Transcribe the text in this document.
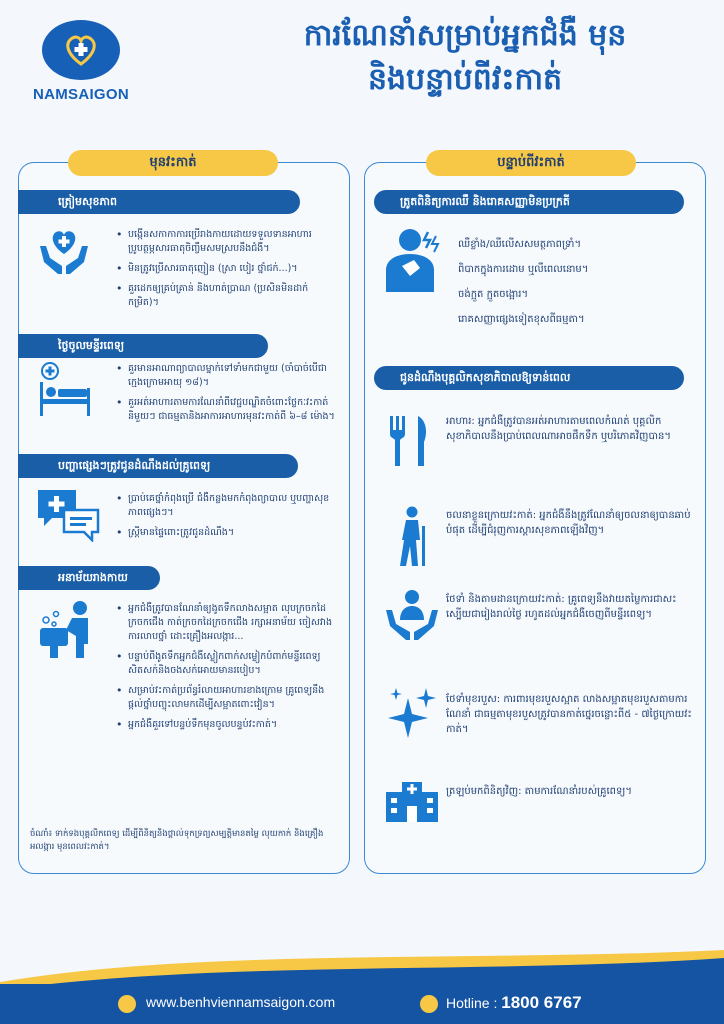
NAMSAIGON
ការណែនាំសម្រាប់អ្នកជំងឺ មុន
និងបន្ទាប់ពីវះកាត់
មុនវះកាត់	បន្ទាប់ពីវះកាត់
ត្រៀមសុខភាព
• បង្កើនសកាកាការប្រើរាងកាយដោយទទួលទានអាហារប្រូបត្ថម្ភសារធាតុចិញ្ចឹមសមស្របនឹងជំងឺ។
• មិនត្រូវប្រើសារធាតុញៀន (ស្រា បៀរ ថ្នាំជក់...)។
• គួរដេកឲ្យគ្រប់គ្រាន់ និងហាត់ប្រាណ (ប្រសិនមិនដាក់កម្រិត)។
ថ្ងៃចូលមន្ទីរពេទ្យ
• គួរមានអាណាព្យាបាលម្នាក់ទៅទាំមកជាមួយ (ចាំបាច់បើជាក្មេងក្រោមអាយុ ១៨)។
• គួរអត់អាហារតាមការណែនាំពីវេជ្ជបណ្ឌិតចំពោះថ្លែកៈវះកាត់និមួយៗ ជាធម្មតានិងអាការអាហារមុនវះកាត់ពី ៦–៨ ម៉ោង។
បញ្ហាផ្សេងៗត្រូវជូនដំណឹងដល់គ្រូពេទ្យ
• ប្រាប់គេថ្នាំកំពុងប្រើ ជំងឺកន្លងមកកំពុងព្យាបាល ឬបញ្ហាសុខភាពផ្សេងៗ។
• ស្ត្រីមានផ្ទៃពោះត្រូវជូនដំណឹង។
អនាម័យរាងកាយ
• អ្នកជំងឺត្រូវបានណែនាំឲ្យងូតទឹកលាងសម្អាត លុបក្រចកដៃក្រចកជើង កាត់ក្រចកដៃក្រចកជើង រក្សាអនាម័យ ចៀសវាងការលាបថ្នាំ ដោះគ្រឿងអលង្ការ...
• បន្ទាប់ពីងូតទឹកអ្នកជំងឺស្លៀកពាក់សម្លៀកបំពាក់មន្ទីរពេទ្យ សិតសក់និងចងសក់អោយមានរបៀប។
• សម្រាប់វះកាត់ប្រព័ន្ធរំលាយអាហារខាងក្រោម គ្រូពេទ្យនឹងផ្តល់ថ្នាំបញ្ចុះលាមកដើម្បីសម្អាតពោះវៀន។
• អ្នកជំងឺគួរទៅបន្ទប់ទឹកមុនចូលបន្ទប់វះកាត់។
ចំណាំ៖ ទាក់ទងបុគ្គលិកពេទ្យ ដើម្បីពិនិត្យនិងថ្ពាល់ទុកទ្រព្យសម្បត្តិមានតម្លៃ លុយកាក់ និងគ្រឿងអលង្ការ មុនពេលវះកាត់។
ត្រូតពិនិត្យការឈឺ និងរោគសញ្ញាមិនប្រក្រតី
ឈឺខ្លាំង/ឈឺលើសសមត្ថភាពទ្រាំ។
ពិបាកក្នុងការដោម ឬលឺពេលនោម។
ចង់ក្អួត ក្អួតចង្អោរ។
រោគសញ្ញាផ្សេងទៀតខុសពីធម្មតា។
ជូនដំណឹងបុគ្គលិកសុខាភិបាលឱ្យទាន់ពេល
អាហារ: អ្នកជំងឺត្រូវបានអត់អាហារតាមពេលកំណត់ បុគ្គលិកសុខាភិបាលនឹងប្រាប់ពេលណាអាចផឹកទឹក ឬបរិភោគវិញបាន។
ចលនាខ្លួនក្រោយវះកាត់: អ្នកជំងឺនឹងត្រូវណែនាំឲ្យចលនាឲ្យបានឆាប់បំផុត ដើម្បីជំរុញការស្តារសុខភាពឡើងវិញ។
ថែទាំ និងតាមដានក្រោយវះកាត់: គ្រូពេទ្យនឹងវាយតម្លៃការជាសះស្បើយជារៀងរាល់ថ្ងៃ រហូតដល់អ្នកជំងឺចេញពីមន្ទីរពេទ្យ។
ថែទាំមុខរបួស: ការពារមុខរបួសស្អាត លាងសម្អាតមុខរបួសតាមការណែនាំ ជាធម្មតាមុខរបួសត្រូវបានកាត់ថ្នេរចន្លោះពី៥ - ៧ថ្ងៃក្រោយវះកាត់។
ត្រឡប់មកពិនិត្យវិញ: តាមការណែនាំរបស់គ្រូពេទ្យ។
www.benhviennamsaigon.com	Hotline : 1800 6767
